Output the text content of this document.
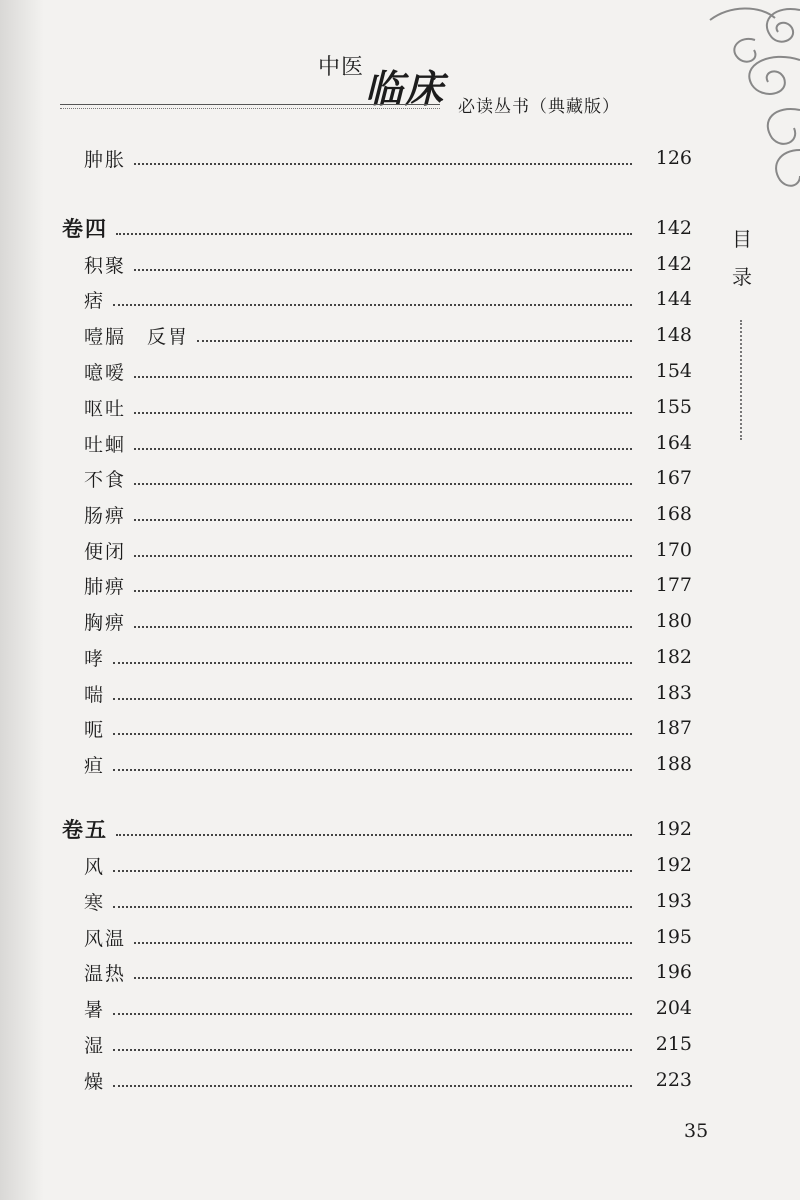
中医 临床 必读丛书（典藏版）
目
录
肿胀	126
卷四	142
积聚	142
痞	144
噎膈　反胃	148
噫嗳	154
呕吐	155
吐蛔	164
不食	167
肠痹	168
便闭	170
肺痹	177
胸痹	180
哮	182
喘	183
呃	187
疸	188
卷五	192
风	192
寒	193
风温	195
温热	196
暑	204
湿	215
燥	223
35
